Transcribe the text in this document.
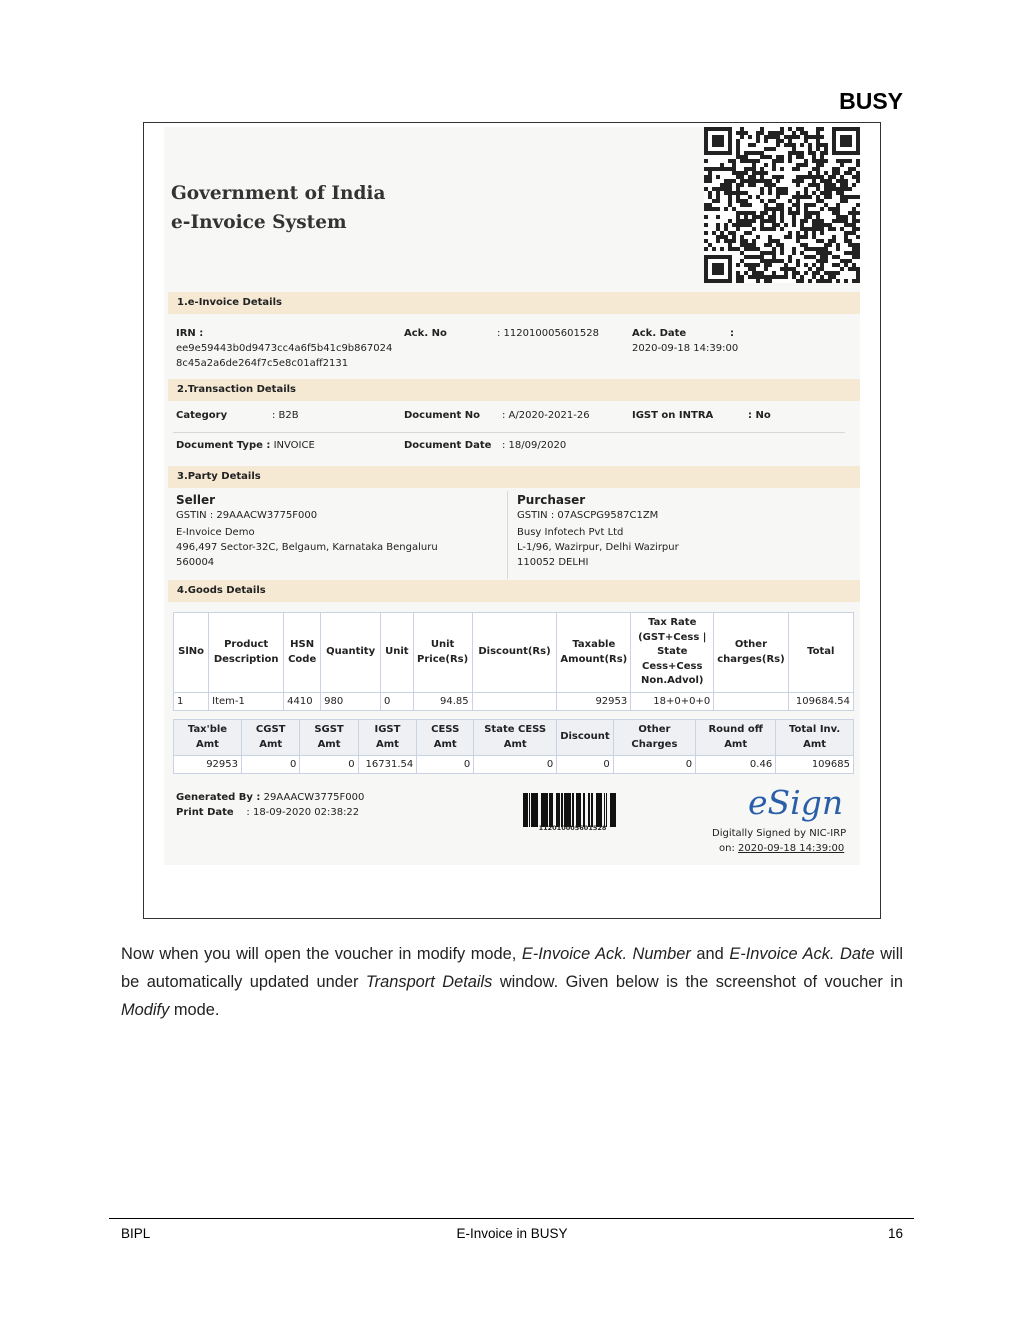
BUSY
Government of India
e-Invoice System
1.e-Invoice Details
IRN :
ee9e59443b0d9473cc4a6f5b41c9b867024
8c45a2a6de264f7c5e8c01aff2131
Ack. No	: 112010005601528	Ack. Date	:
2020-09-18 14:39:00
2.Transaction Details
Category	: B2B	Document No : A/2020-2021-26	IGST on INTRA	: No
Document Type : INVOICE	Document Date : 18/09/2020
3.Party Details
Seller
GSTIN : 29AAACW3775F000
E-Invoice Demo
496,497 Sector-32C, Belgaum, Karnataka Bengaluru
560004
Purchaser
GSTIN : 07ASCPG9587C1ZM
Busy Infotech Pvt Ltd
L-1/96, Wazirpur, Delhi Wazirpur
110052 DELHI
4.Goods Details
SlNo	Product Description	HSN Code	Quantity	Unit	Unit Price(Rs)	Discount(Rs)	Taxable Amount(Rs)	Tax Rate (GST+Cess | State Cess+Cess Non.Advol)	Other charges(Rs)	Total
1	Item-1	4410	980	0	94.85		92953	18+0+0+0		109684.54
Tax'ble Amt	CGST Amt	SGST Amt	IGST Amt	CESS Amt	State CESS Amt	Discount	Other Charges	Round off Amt	Total Inv. Amt
92953	0	0	16731.54	0	0	0	0	0.46	109685
Generated By : 29AAACW3775F000
Print Date : 18-09-2020 02:38:22
112010005601528
eSign
Digitally Signed by NIC-IRP
on: 2020-09-18 14:39:00

Now when you will open the voucher in modify mode, E-Invoice Ack. Number and E-Invoice Ack. Date will be automatically updated under Transport Details window. Given below is the screenshot of voucher in Modify mode.

BIPL	E-Invoice in BUSY	16
